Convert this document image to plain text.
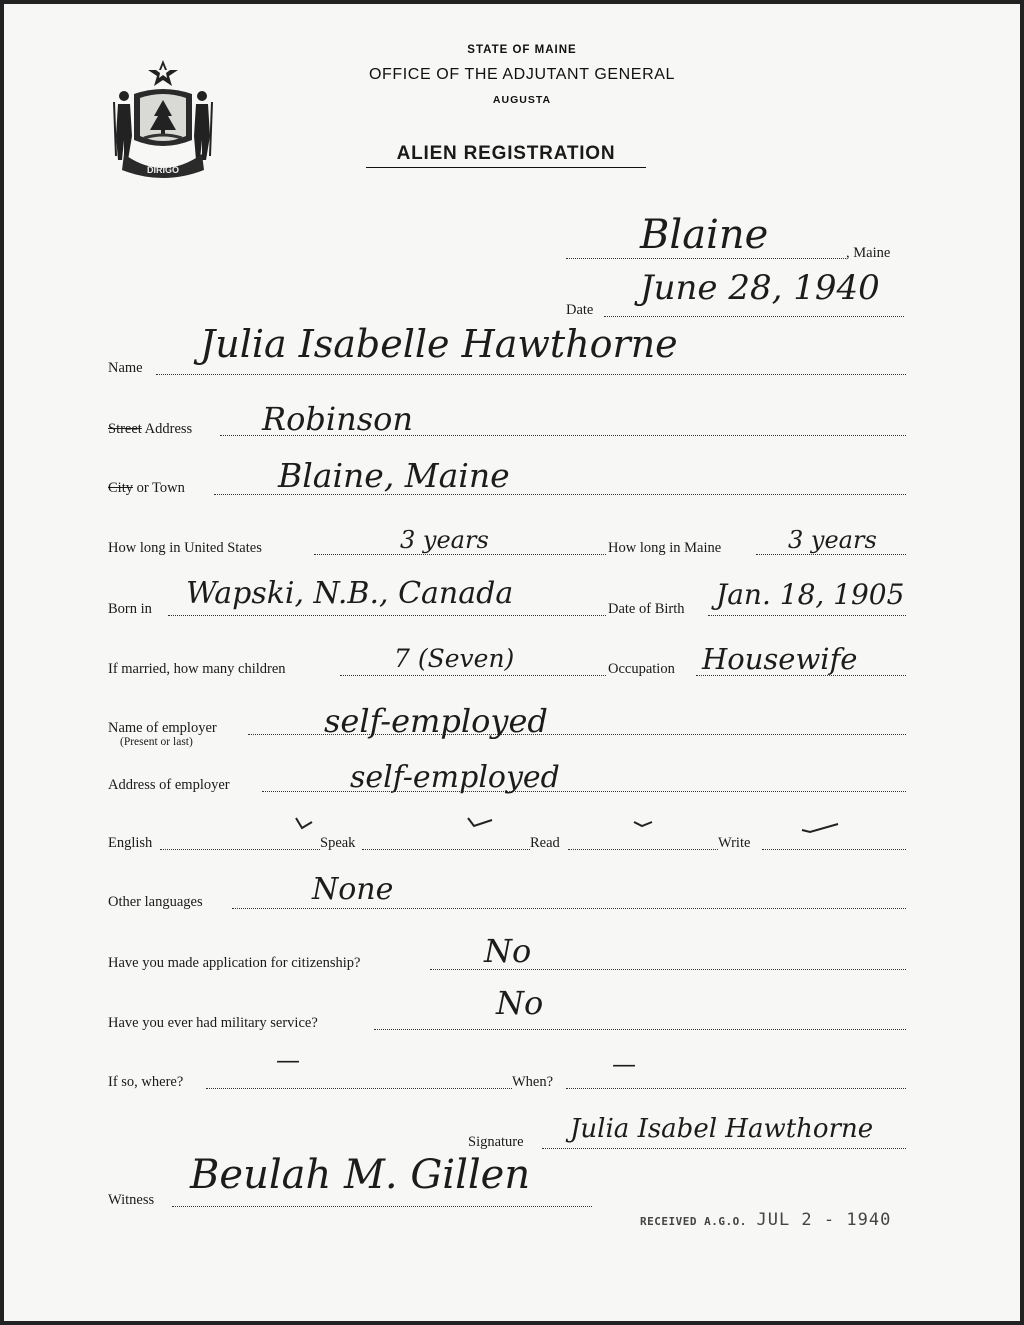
DIRIGO
STATE OF MAINE
OFFICE OF THE ADJUTANT GENERAL
AUGUSTA
ALIEN REGISTRATION
Blaine	, Maine
Date
June 28, 1940
Name
Julia Isabelle Hawthorne
Street Address Robinson
City or Town	Blaine, Maine
How long in United States	3 years	How long in Maine	3 years
Born in Wapski, N.B., Canada	Date of Birth Jan. 18, 1905
If married, how many children	7 (Seven)	Occupation Housewife
Name of employer
(Present or last)
self-employed
Address of employer	self-employed
English	Speak	Read	Write
Other languages	None
Have you made application for citizenship?	No
Have you ever had military service?
No
If so, where?
—
When?
—
Signature Julia Isabel Hawthorne
Witness
Beulah M. Gillen
RECEIVED A.G.O. JUL 2 - 1940
